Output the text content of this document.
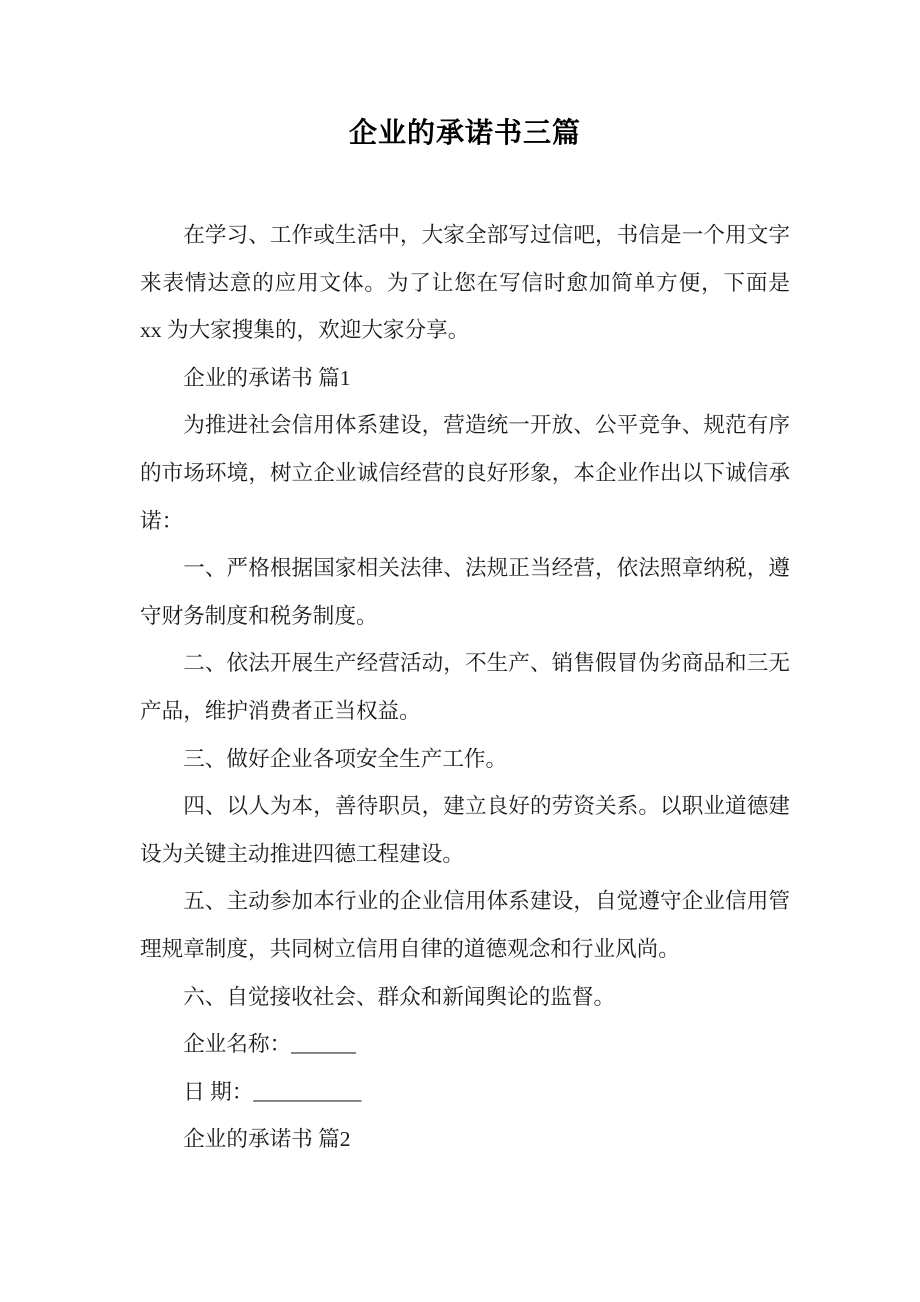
企业的承诺书三篇

在学习、工作或生活中，大家全部写过信吧，书信是一个用文字来表情达意的应用文体。为了让您在写信时愈加简单方便，下面是 xx 为大家搜集的，欢迎大家分享。

企业的承诺书 篇1

为推进社会信用体系建设，营造统一开放、公平竞争、规范有序的市场环境，树立企业诚信经营的良好形象，本企业作出以下诚信承诺：

一、严格根据国家相关法律、法规正当经营，依法照章纳税，遵守财务制度和税务制度。

二、依法开展生产经营活动，不生产、销售假冒伪劣商品和三无产品，维护消费者正当权益。

三、做好企业各项安全生产工作。

四、以人为本，善待职员，建立良好的劳资关系。以职业道德建设为关键主动推进四德工程建设。

五、主动参加本行业的企业信用体系建设，自觉遵守企业信用管理规章制度，共同树立信用自律的道德观念和行业风尚。

六、自觉接收社会、群众和新闻舆论的监督。

企业名称：______

日 期：__________

企业的承诺书 篇2
